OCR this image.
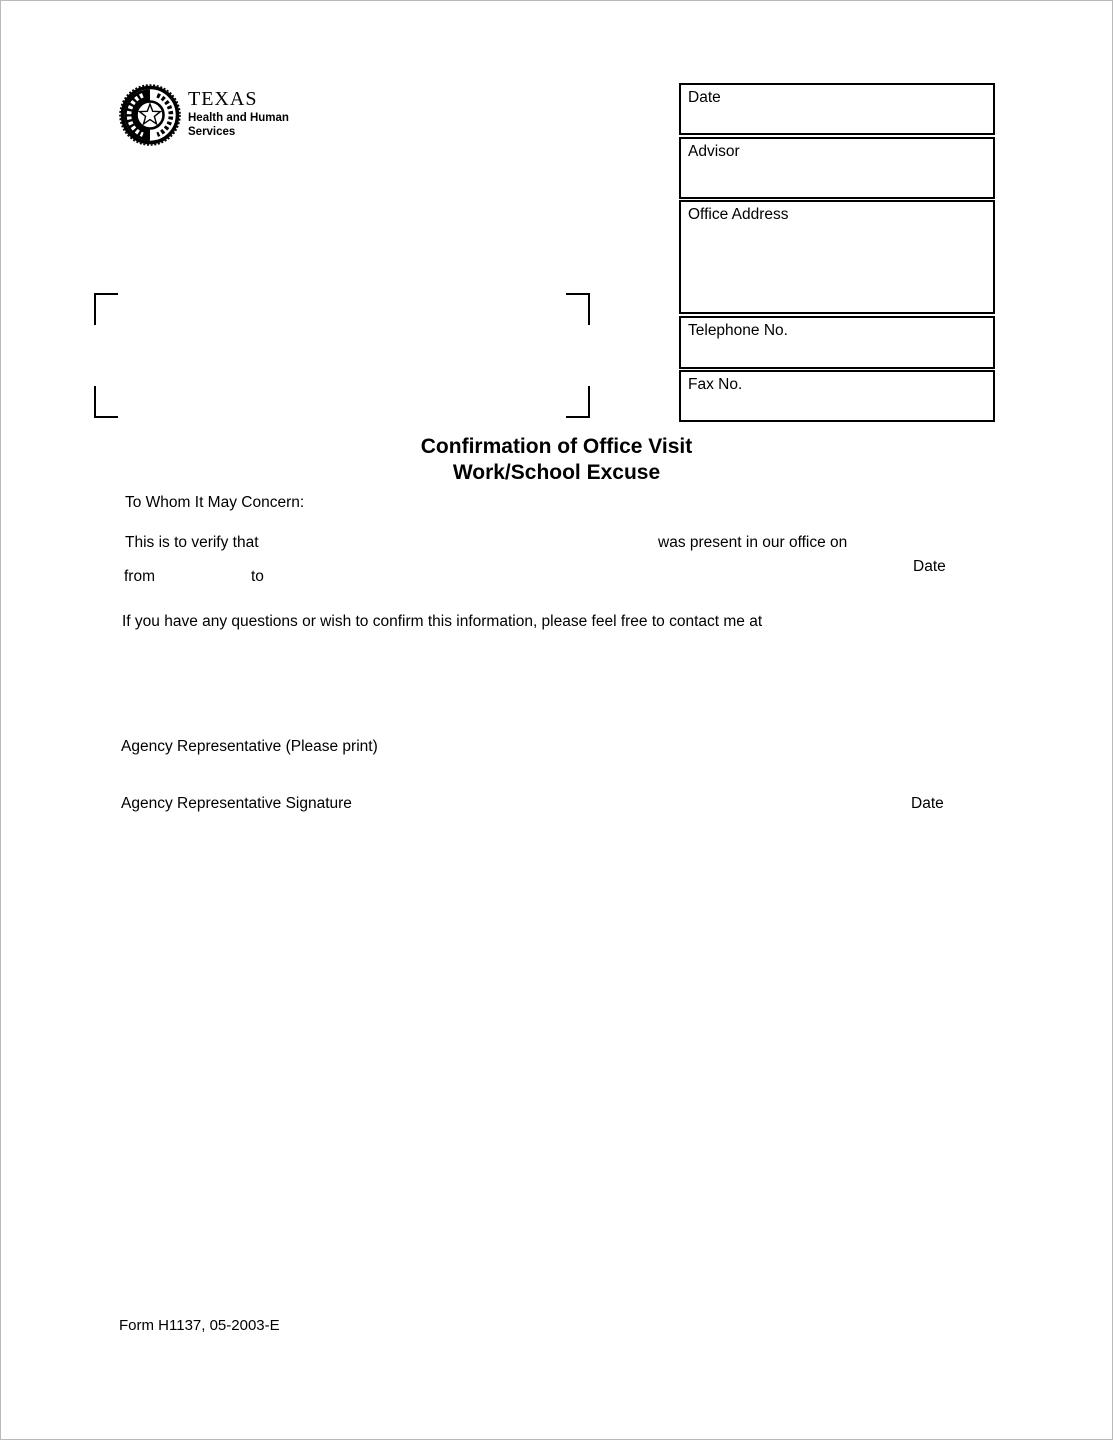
TEXAS
Health and Human
Services
Date
Advisor
Office Address
Telephone No.
Fax No.
Confirmation of Office Visit
Work/School Excuse
To Whom It May Concern:
This is to verify that	was present in our office on
Date
from	to
If you have any questions or wish to confirm this information, please feel free to contact me at
Agency Representative (Please print)
Agency Representative Signature	Date
Form H1137, 05-2003-E
